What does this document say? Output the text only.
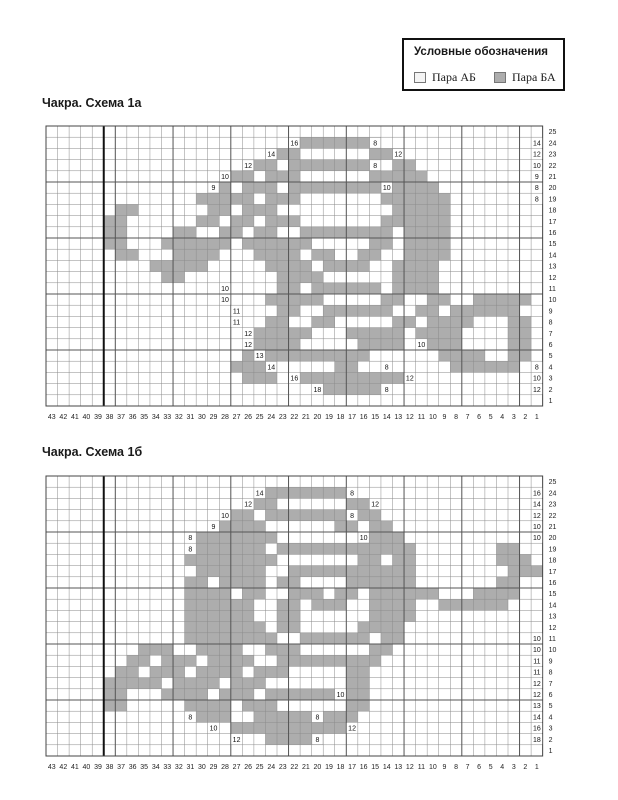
Условные обозначения
Пара АБ	Пара БА
Чакра. Схема 1а
16	8	14
14	12	12
12	8	10
10	9
9	10	8
8
10
10
11
11
12
12	10
13
14	8	8
16	12	10
18	8	12
25
24
23
22
21
20
19
18
17
16
15
14
13
12
11
10
9
8
7
6
5
4
3
2
1
43 42 41 40 39 38 37 36 35 34 33 32 31 30 29 28 27 26 25 24 23 22 21 20 19 18 17 16 15 14 13 12 11 10 9 8 7 6 5 4 3 2 1
Чакра. Схема 1б
14	8	16
12	12	14
10	8	12
9	10
8	10	10
8
10
10
11
11
12
10	12
13
8	8	14
10	12	16
12	8	18
25
24
23
22
21
20
19
18
17
16
15
14
13
12
11
10
9
8
7
6
5
4
3
2
1
43 42 41 40 39 38 37 36 35 34 33 32 31 30 29 28 27 26 25 24 23 22 21 20 19 18 17 16 15 14 13 12 11 10 9 8 7 6 5 4 3 2 1
